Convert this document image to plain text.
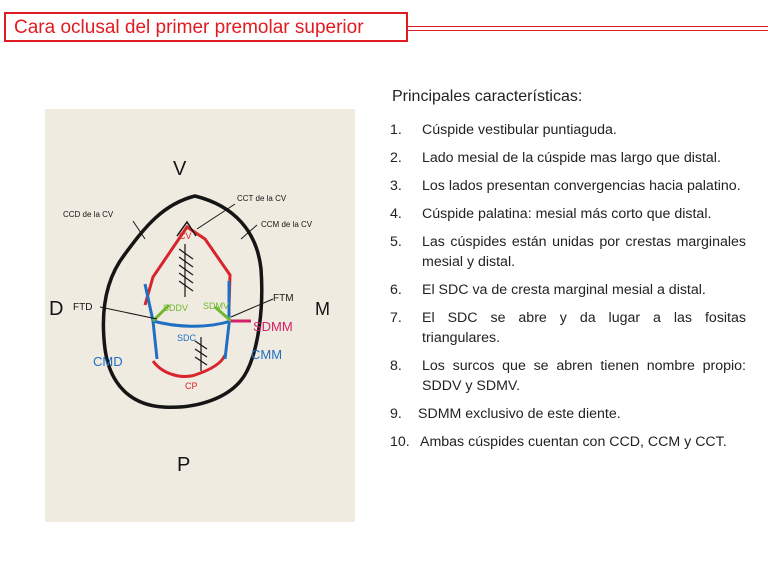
Cara oclusal del primer premolar superior
V
P
D	M
FTD
FTM
CCD de la CV
CCT de la CV
CCM de la CV
CV
CP
SDDV SDMV
SDC
SDMM
CMD	CMM
Principales características:
1.	Cúspide vestibular puntiaguda.
2.	Lado mesial de la cúspide mas largo que distal.
3.	Los lados presentan convergencias hacia palatino.
4.	Cúspide palatina: mesial más corto que distal.
5.	Las cúspides están unidas por crestas marginales mesial y distal.
6.	El SDC va de cresta marginal mesial a distal.
7.	El SDC se abre y da lugar a las fositas triangulares.
8.	Los surcos que se abren tienen nombre propio: SDDV y SDMV.
9.	SDMM exclusivo de este diente.
10. Ambas cúspides cuentan con CCD, CCM y CCT.
